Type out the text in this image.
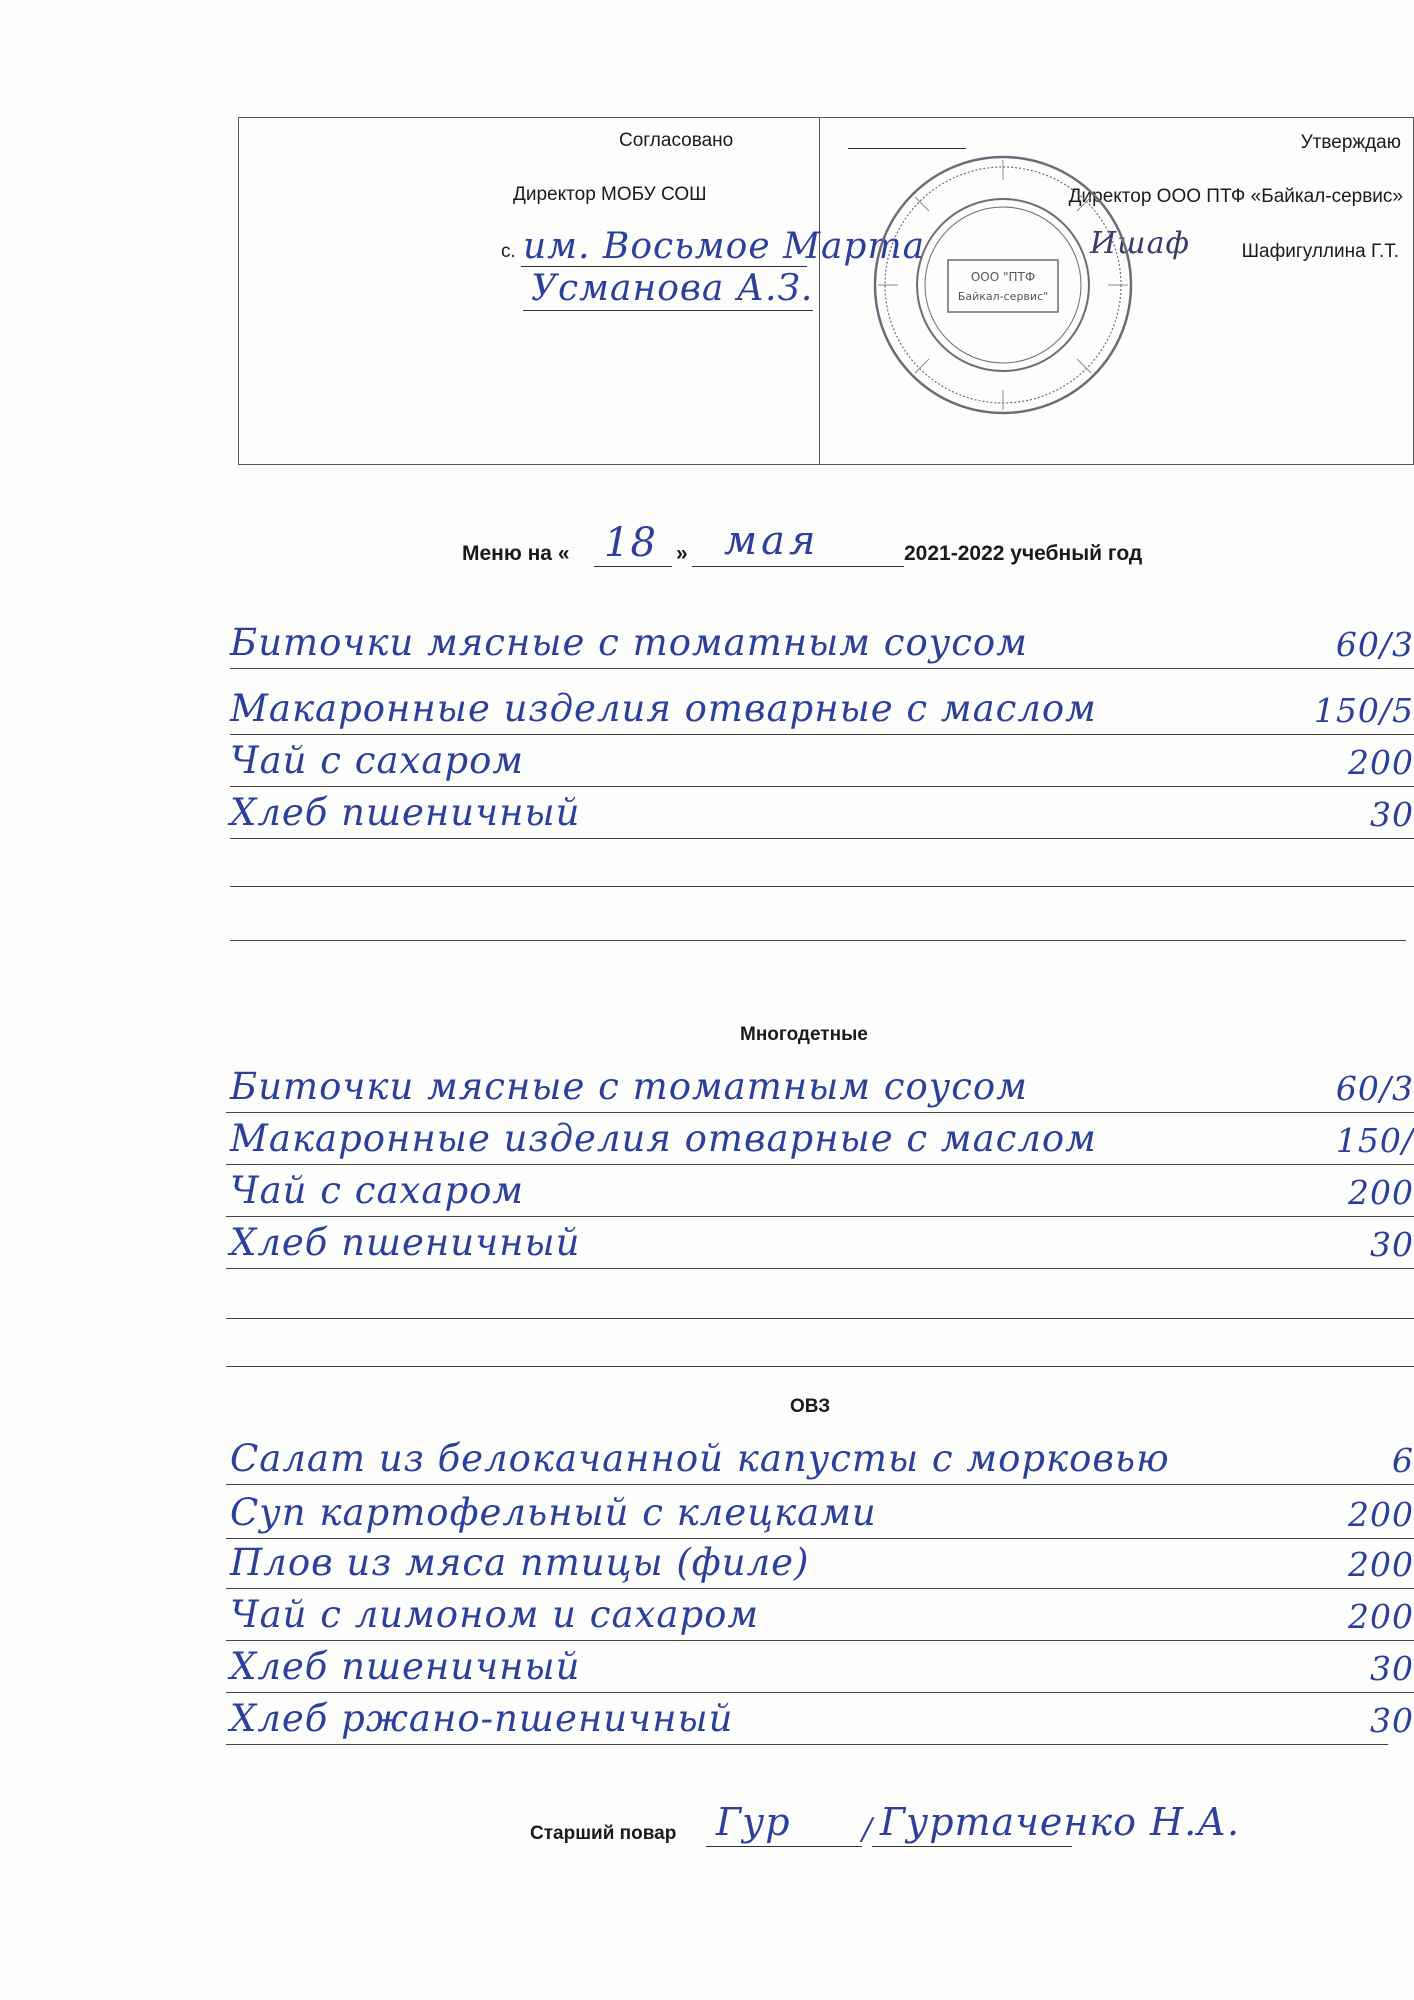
Согласовано
Директор МОБУ СОШ
с. им. Восьмое Марта
Усманова А.З.
Утверждаю
Директор ООО ПТФ «Байкал-сервис»
Шафигуллина Г.Т.
Ишаф
ООО "ПТФ
Байкал-сервис"
Меню на « 18 » мая	2021-2022 учебный год
Биточки мясные с томатным соусом	60/3
Макаронные изделия отварные с маслом	150/5
Чай с сахаром	200
Хлеб пшеничный	30
Многодетные
Биточки мясные с томатным соусом	60/3
Макаронные изделия отварные с маслом	150/
Чай с сахаром	200
Хлеб пшеничный	30
ОВЗ
Салат из белокачанной капусты с морковью	6
Суп картофельный с клецками	200
Плов из мяса птицы (филе)	200
Чай с лимоном и сахаром	200
Хлеб пшеничный	30
Хлеб ржано-пшеничный	30
Старший повар Гур / Гуртаченко Н.А.
